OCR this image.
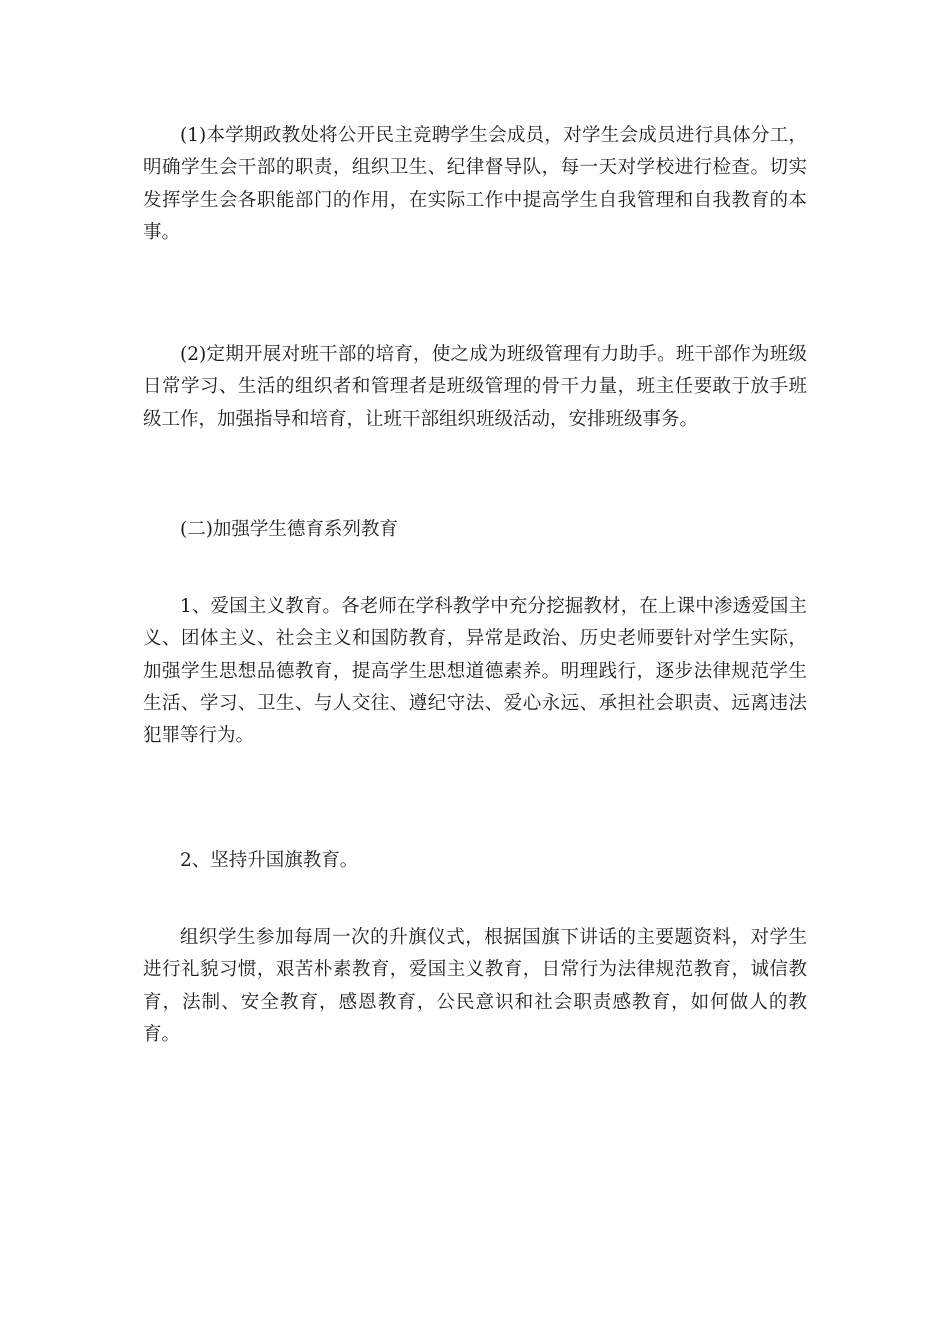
(1)本学期政教处将公开民主竞聘学生会成员，对学生会成员进行具体分工，明确学生会干部的职责，组织卫生、纪律督导队，每一天对学校进行检查。切实发挥学生会各职能部门的作用，在实际工作中提高学生自我管理和自我教育的本事。

(2)定期开展对班干部的培育，使之成为班级管理有力助手。班干部作为班级日常学习、生活的组织者和管理者是班级管理的骨干力量，班主任要敢于放手班级工作，加强指导和培育，让班干部组织班级活动，安排班级事务。

(二)加强学生德育系列教育

1、爱国主义教育。各老师在学科教学中充分挖掘教材，在上课中渗透爱国主义、团体主义、社会主义和国防教育，异常是政治、历史老师要针对学生实际，加强学生思想品德教育，提高学生思想道德素养。明理践行，逐步法律规范学生生活、学习、卫生、与人交往、遵纪守法、爱心永远、承担社会职责、远离违法犯罪等行为。

2、坚持升国旗教育。

组织学生参加每周一次的升旗仪式，根据国旗下讲话的主要题资料，对学生进行礼貌习惯，艰苦朴素教育，爱国主义教育，日常行为法律规范教育，诚信教育，法制、安全教育，感恩教育，公民意识和社会职责感教育，如何做人的教育。
